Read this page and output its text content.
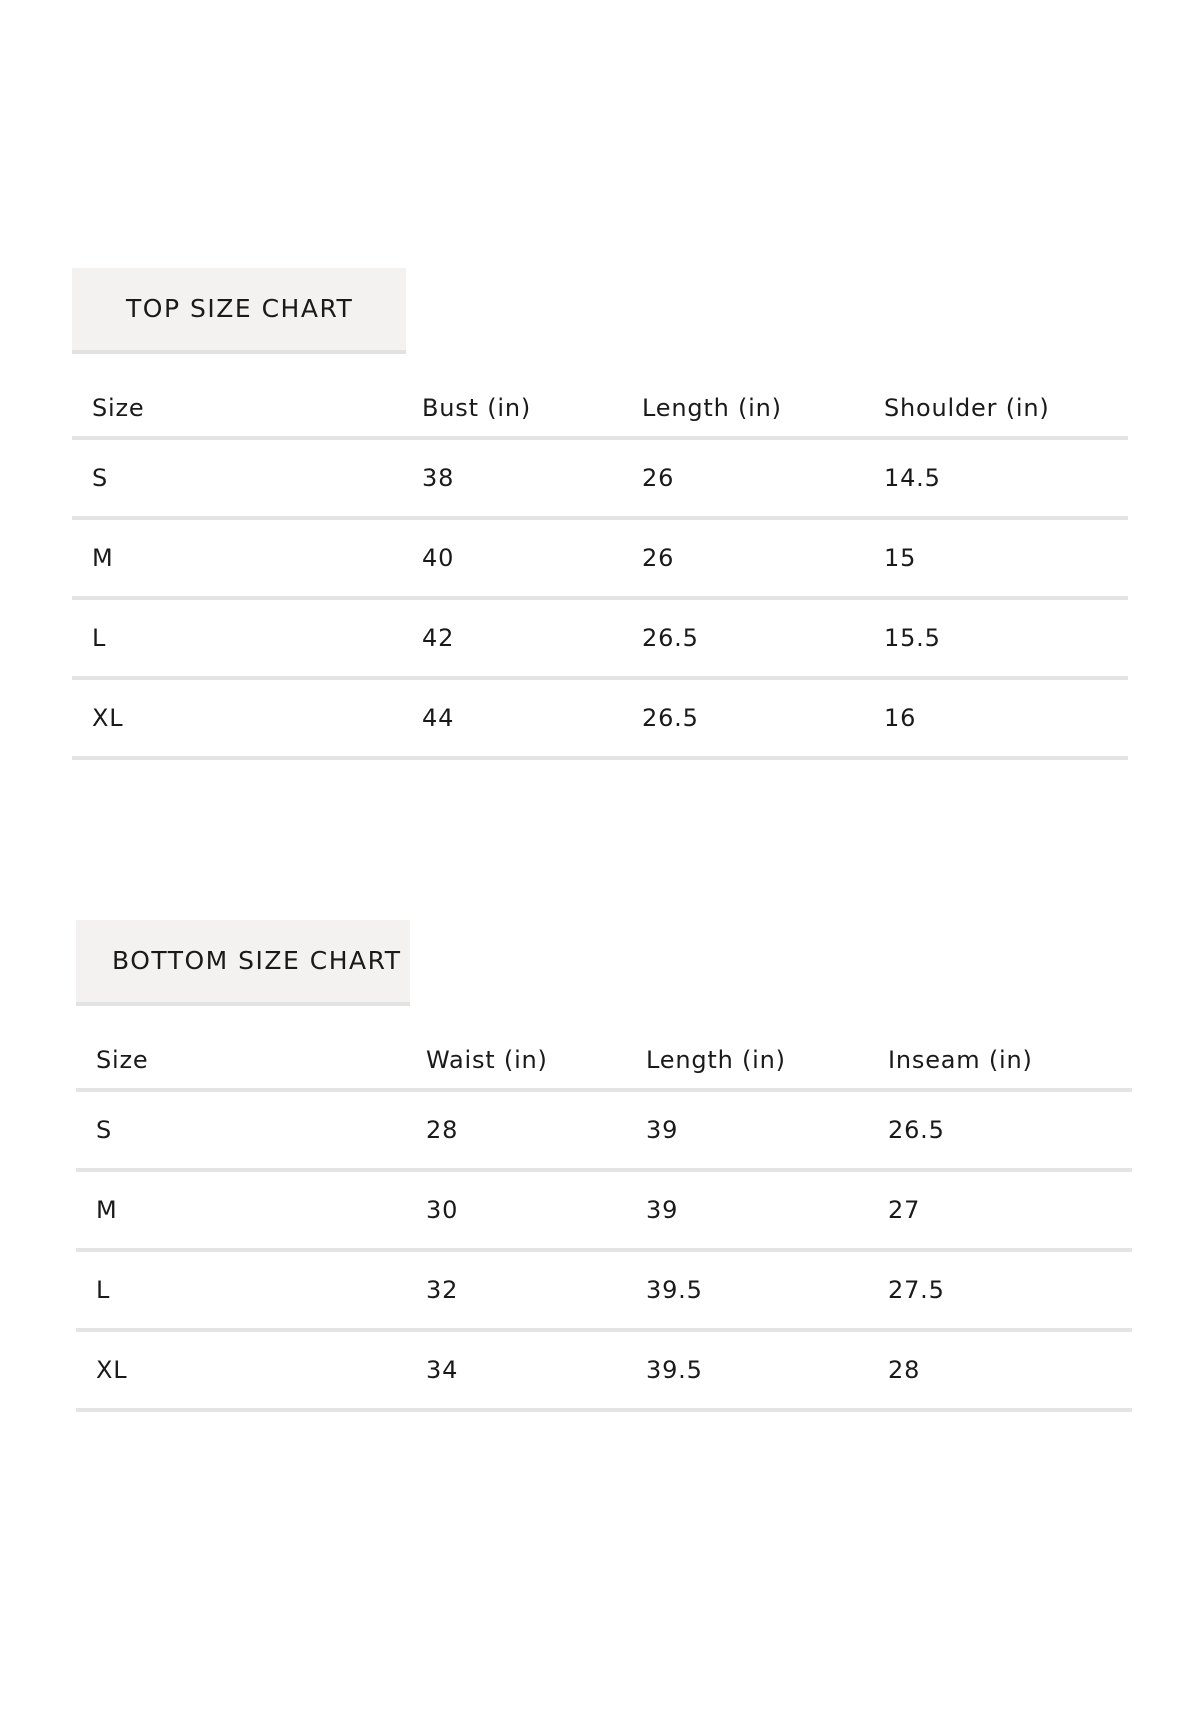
TOP SIZE CHART
Size	Bust (in)	Length (in)	Shoulder (in)
S	38	26	14.5
M	40	26	15
L	42	26.5	15.5
XL	44	26.5	16
BOTTOM SIZE CHART
Size	Waist (in)	Length (in)	Inseam (in)
S	28	39	26.5
M	30	39	27
L	32	39.5	27.5
XL	34	39.5	28
